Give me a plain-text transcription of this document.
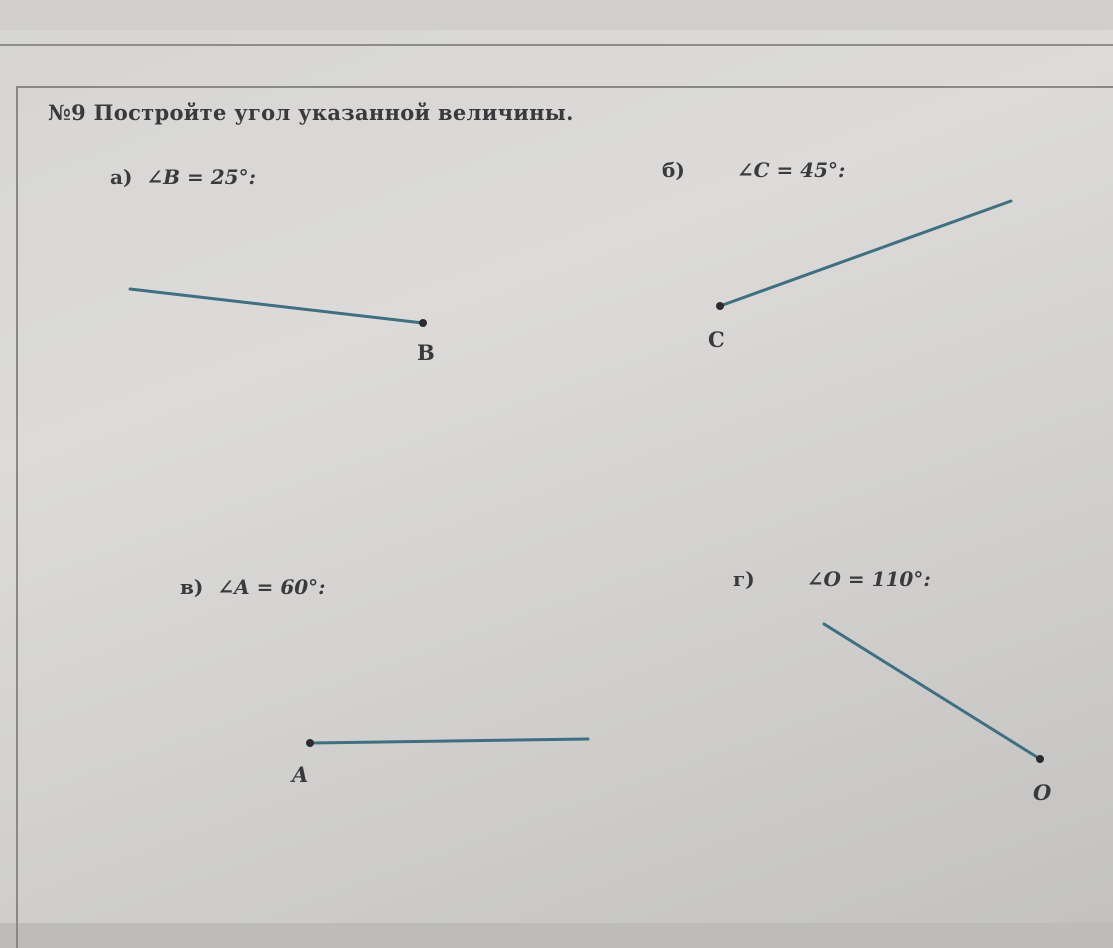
№9 Постройте угол указанной величины.
а) ∠B = 25°:	б)	∠C = 45°:
в) ∠A = 60°:	г)	∠O = 110°:
B
C
A
O
